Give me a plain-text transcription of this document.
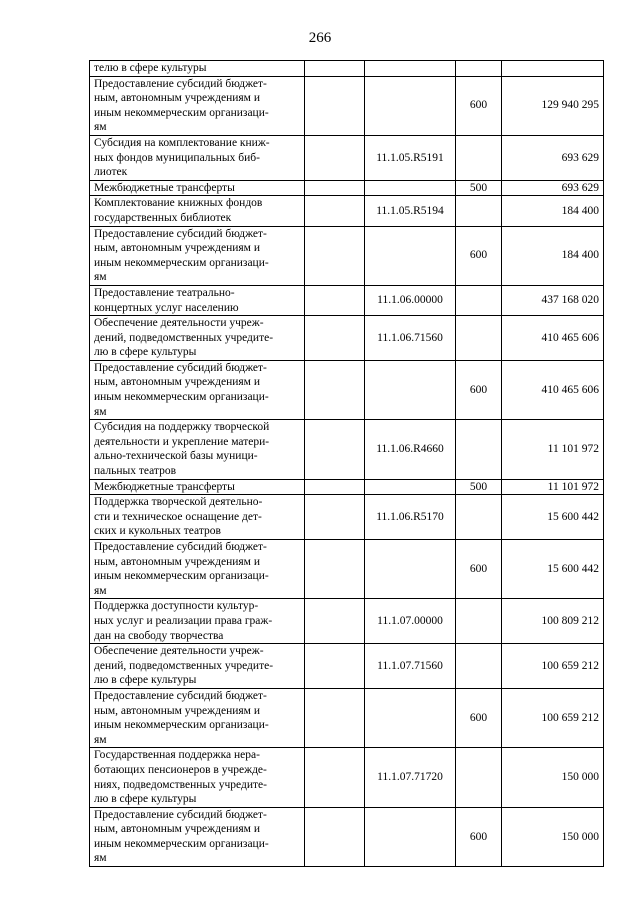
266
телю в сфере культуры				
Предоставление субсидий бюджет-
ным, автономным учреждениям и
иным некоммерческим организаци-
ям			600	129 940 295
Субсидия на комплектование книж-
ных фондов муниципальных биб-
лиотек		11.1.05.R5191		693 629
Межбюджетные трансферты			500	693 629
Комплектование книжных фондов
государственных библиотек		11.1.05.R5194		184 400
Предоставление субсидий бюджет-
ным, автономным учреждениям и
иным некоммерческим организаци-
ям			600	184 400
Предоставление театрально-
концертных услуг населению		11.1.06.00000		437 168 020
Обеспечение деятельности учреж-
дений, подведомственных учредите-
лю в сфере культуры		11.1.06.71560		410 465 606
Предоставление субсидий бюджет-
ным, автономным учреждениям и
иным некоммерческим организаци-
ям			600	410 465 606
Субсидия на поддержку творческой
деятельности и укрепление матери-
ально-технической базы муници-
пальных театров		11.1.06.R4660		11 101 972
Межбюджетные трансферты			500	11 101 972
Поддержка творческой деятельно-
сти и техническое оснащение дет-
ских и кукольных театров		11.1.06.R5170		15 600 442
Предоставление субсидий бюджет-
ным, автономным учреждениям и
иным некоммерческим организаци-
ям			600	15 600 442
Поддержка доступности культур-
ных услуг и реализации права граж-
дан на свободу творчества		11.1.07.00000		100 809 212
Обеспечение деятельности учреж-
дений, подведомственных учредите-
лю в сфере культуры		11.1.07.71560		100 659 212
Предоставление субсидий бюджет-
ным, автономным учреждениям и
иным некоммерческим организаци-
ям			600	100 659 212
Государственная поддержка нера-
ботающих пенсионеров в учрежде-
ниях, подведомственных учредите-
лю в сфере культуры		11.1.07.71720		150 000
Предоставление субсидий бюджет-
ным, автономным учреждениям и
иным некоммерческим организаци-
ям			600	150 000
